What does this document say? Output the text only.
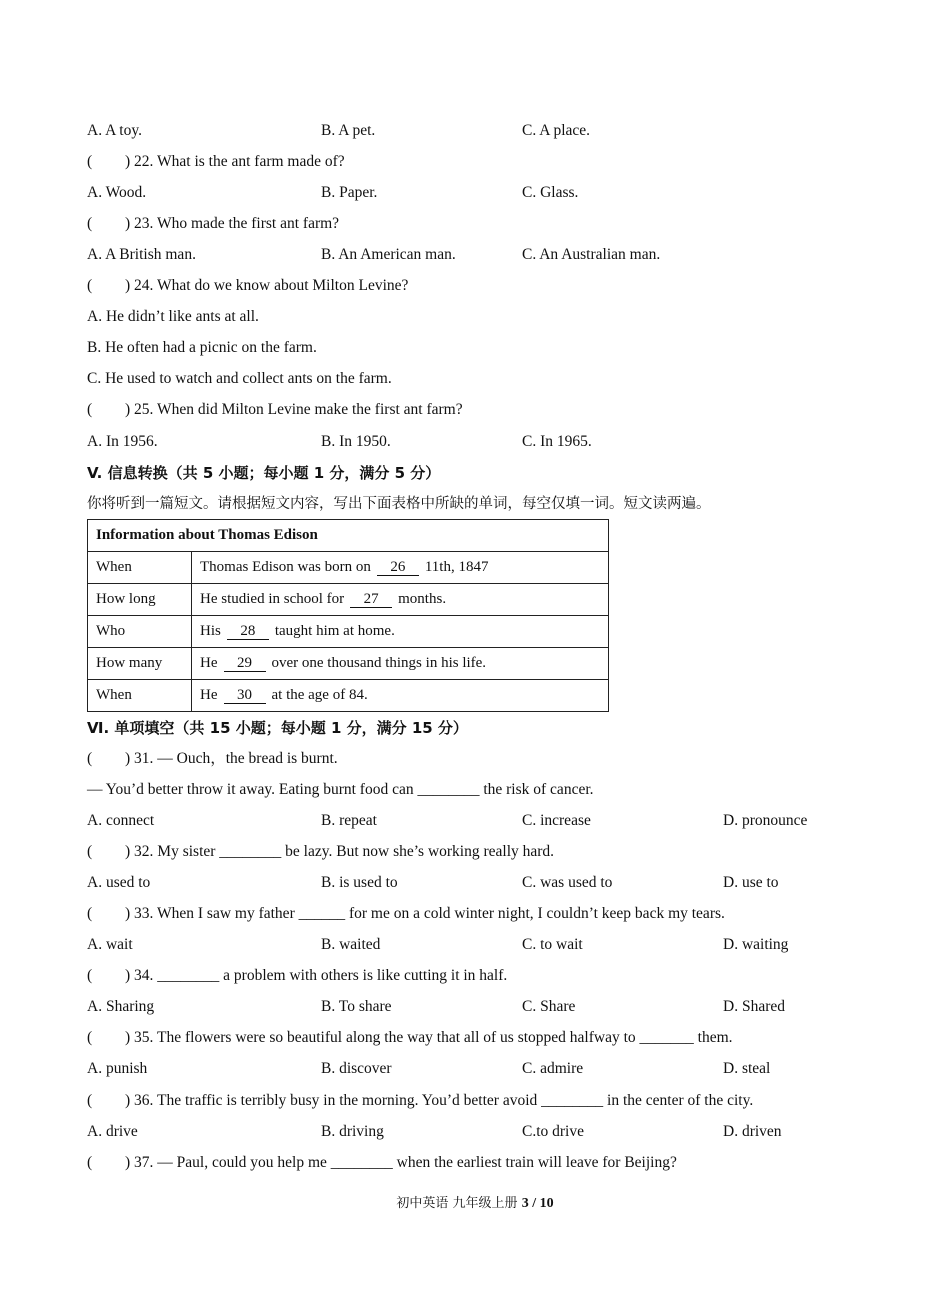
A. A toy.	B. A pet.	C. A place.
( ) 22. What is the ant farm made of?
A. Wood.	B. Paper.	C. Glass.
( ) 23. Who made the first ant farm?
A. A British man.	B. An American man.	C. An Australian man.
( ) 24. What do we know about Milton Levine?
A. He didn’t like ants at all.
B. He often had a picnic on the farm.
C. He used to watch and collect ants on the farm.
( ) 25. When did Milton Levine make the first ant farm?
A. In 1956.	B. In 1950.	C. In 1965.
V. 信息转换（共 5 小题；每小题 1 分，满分 5 分）
你将听到一篇短文。请根据短文内容，写出下面表格中所缺的单词，每空仅填一词。短文读两遍。
Information about Thomas Edison	
When	Thomas Edison was born on 26 11th, 1847
How long	He studied in school for 27 months.
Who	His 28 taught him at home.
How many	He 29 over one thousand things in his life.
When	He 30 at the age of 84.
Ⅵ. 单项填空（共 15 小题；每小题 1 分，满分 15 分）
( ) 31. — Ouch，the bread is burnt.
— You’d better throw it away. Eating burnt food can ________ the risk of cancer.
A. connect	B. repeat	C. increase	D. pronounce
( ) 32. My sister ________ be lazy. But now she’s working really hard.
A. used to	B. is used to	C. was used to	D. use to
( ) 33. When I saw my father ______ for me on a cold winter night, I couldn’t keep back my tears.
A. wait	B. waited	C. to wait	D. waiting
( ) 34. ________ a problem with others is like cutting it in half.
A. Sharing	B. To share	C. Share	D. Shared
( ) 35. The flowers were so beautiful along the way that all of us stopped halfway to _______ them.
A. punish	B. discover	C. admire	D. steal
( ) 36. The traffic is terribly busy in the morning. You’d better avoid ________ in the center of the city.
A. drive	B. driving	C.to drive	D. driven
( ) 37. — Paul, could you help me ________ when the earliest train will leave for Beijing?
初中英语 九年级上册 3 / 10
